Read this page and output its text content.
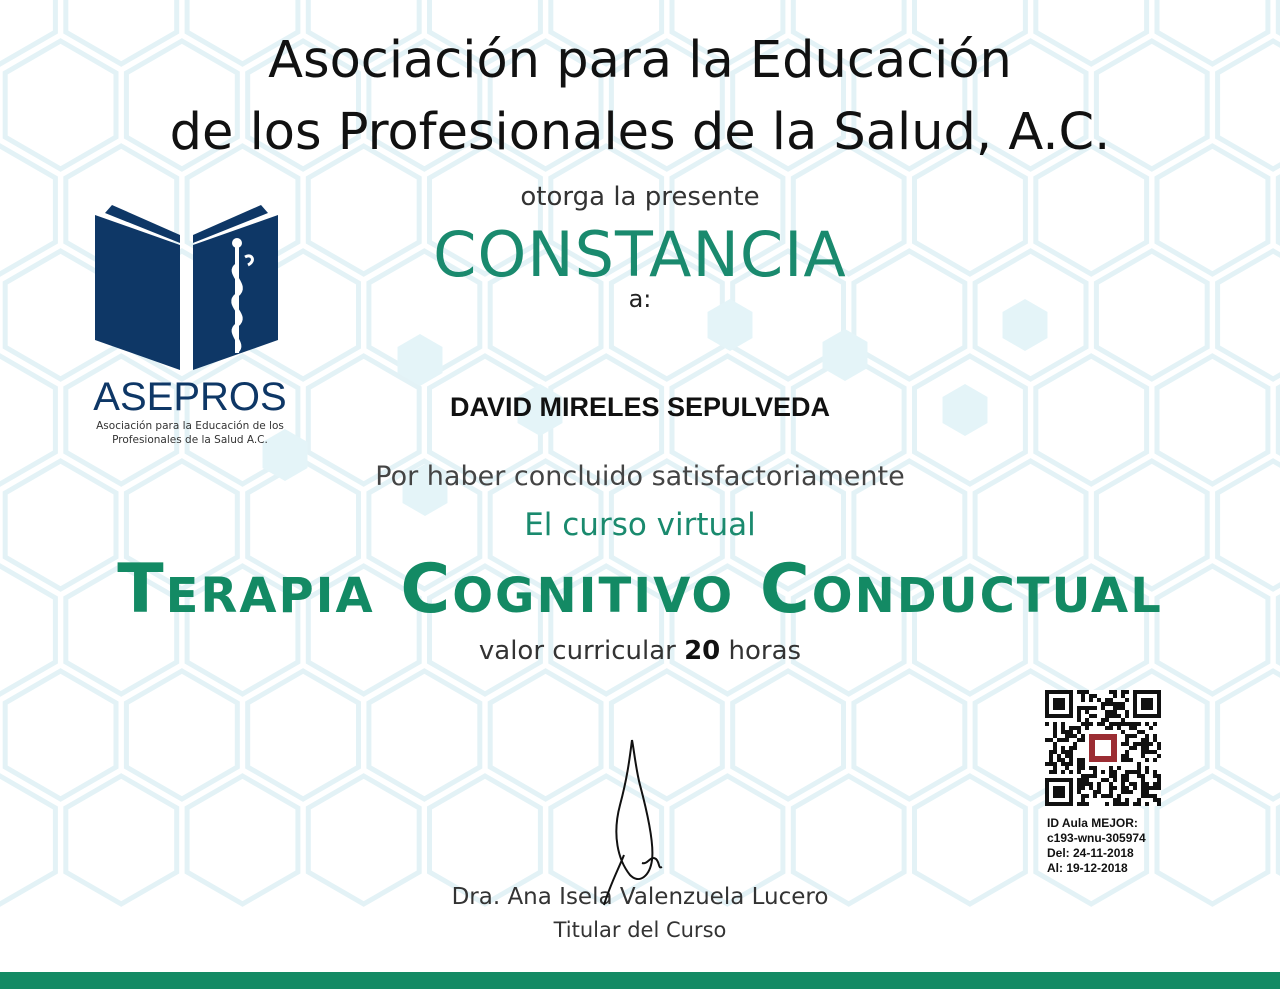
Asociación para la Educación
de los Profesionales de la Salud, A.C.
otorga la presente
CONSTANCIA
a:
ASEPROS
Asociación para la Educación de los
Profesionales de la Salud A.C.
DAVID MIRELES SEPULVEDA
Por haber concluido satisfactoriamente
El curso virtual
Terapia Cognitivo Conductual
valor curricular 20 horas
Dra. Ana Isela Valenzuela Lucero
Titular del Curso
ID Aula MEJOR:
c193-wnu-305974
Del: 24-11-2018
Al: 19-12-2018
